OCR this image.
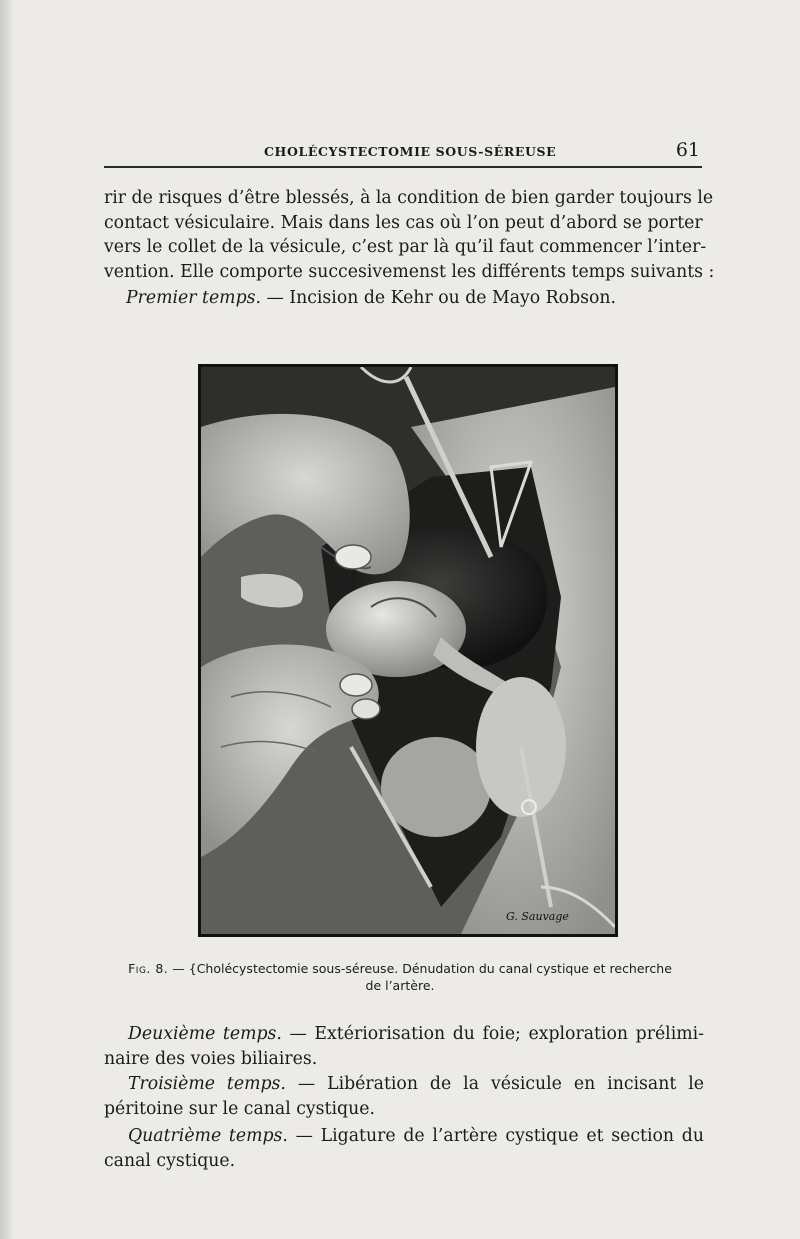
CHOLÉCYSTECTOMIE SOUS-SÉREUSE	61
rir de risques d’être blessés, à la condition de bien garder toujours le
contact vésiculaire. Mais dans les cas où l’on peut d’abord se porter
vers le collet de la vésicule, c’est par là qu’il faut commencer l’inter-
vention. Elle comporte succesivemenst les différents temps suivants :
Premier temps. — Incision de Kehr ou de Mayo Robson.
G. Sauvage
Fig. 8. — {Cholécystectomie sous-séreuse. Dénudation du canal cystique et recherche de l’artère.
Deuxième temps. — Extériorisation du foie; exploration prélimi-naire des voies biliaires.
Troisième temps. — Libération de la vésicule en incisant le péritoine sur le canal cystique.
Quatrième temps. — Ligature de l’artère cystique et section du canal cystique.
